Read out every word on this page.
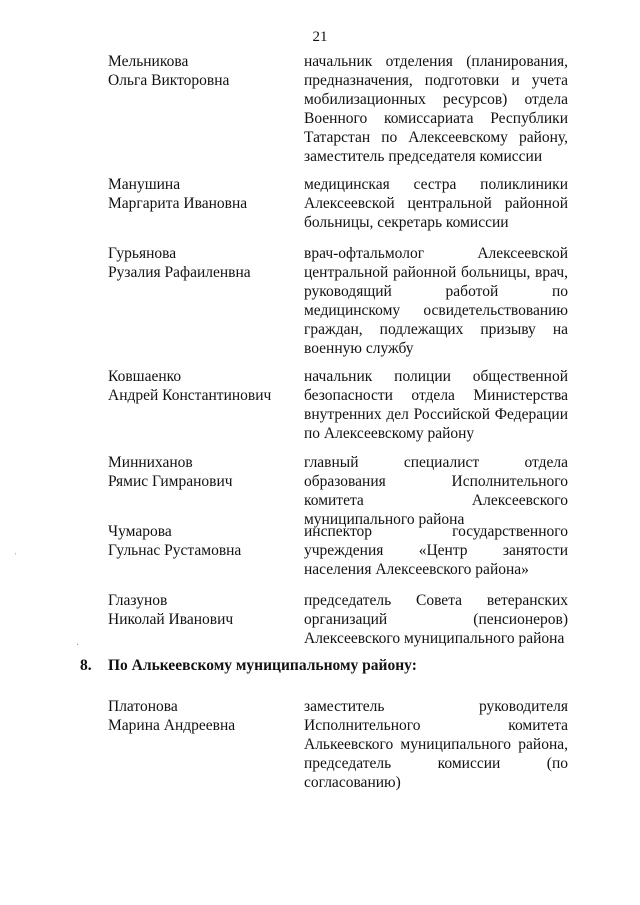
21
Мельникова
Ольга Викторовна
начальник отделения (планирования, предназначения, подготовки и учета мобилизационных ресурсов) отдела Военного комиссариата Республики Татарстан по Алексеевскому району, заместитель председателя комиссии
Манушина
Маргарита Ивановна
медицинская сестра поликлиники Алексеевской центральной районной больницы, секретарь комиссии
Гурьянова
Рузалия Рафаиленвна
врач-офтальмолог Алексеевской центральной районной больницы, врач, руководящий работой по медицинскому освидетельствованию граждан, подлежащих призыву на военную службу
Ковшаенко
Андрей Константинович
начальник полиции общественной безопасности отдела Министерства внутренних дел Российской Федерации по Алексеевскому району
Минниханов
Рямис Гимранович
главный специалист отдела образования Исполнительного комитета Алексеевского муниципального района
Чумарова
Гульнас Рустамовна
инспектор государственного учреждения «Центр занятости населения Алексеевского района»
Глазунов
Николай Иванович
председатель Совета ветеранских организаций (пенсионеров) Алексеевского муниципального района
8.	По Алькеевскому муниципальному району:
Платонова
Марина Андреевна
заместитель руководителя Исполнительного комитета Алькеевского муниципального района, председатель комиссии (по согласованию)
ˈ
·
